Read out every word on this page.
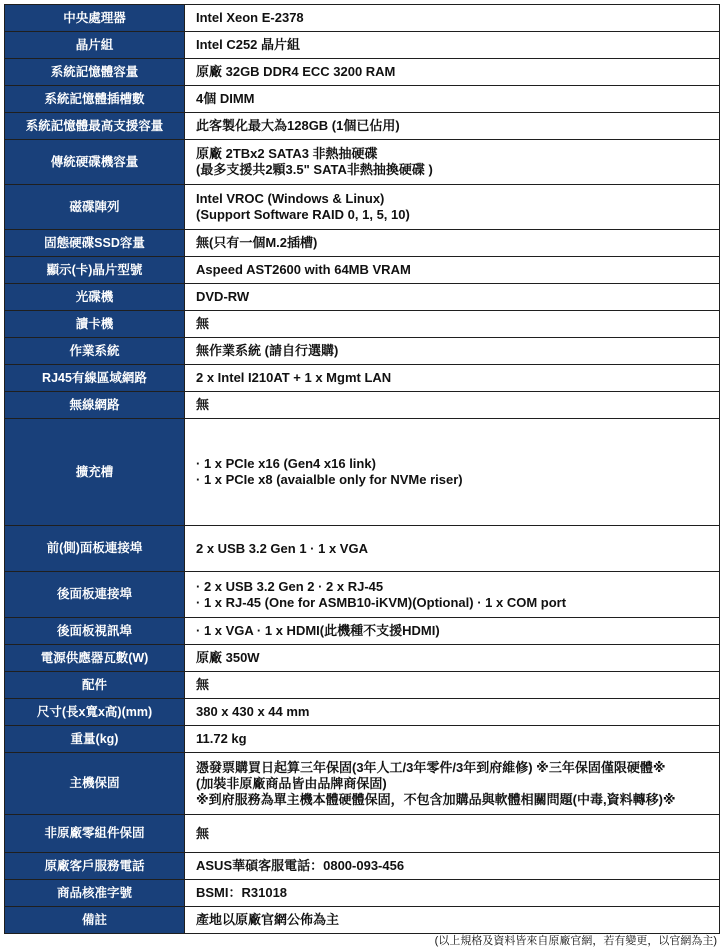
中央處理器	Intel Xeon E-2378

晶片組	Intel C252 晶片組

系統記憶體容量	原廠 32GB DDR4 ECC 3200 RAM

系統記憶體插槽數	4個 DIMM

系統記憶體最高支援容量	此客製化最大為128GB (1個已佔用)

傳統硬碟機容量	原廠 2TBx2 SATA3 非熱抽硬碟
(最多支援共2顆3.5" SATA非熱抽換硬碟 )

磁碟陣列	Intel VROC (Windows & Linux)
(Support Software RAID 0, 1, 5, 10)

固態硬碟SSD容量	無(只有一個M.2插槽)

顯示(卡)晶片型號	Aspeed AST2600 with 64MB VRAM

光碟機	DVD-RW

讀卡機	無

作業系統	無作業系統 (請自行選購)

RJ45有線區域網路	2 x Intel I210AT + 1 x Mgmt LAN

無線網路	無

擴充槽	· 1 x PCIe x16 (Gen4 x16 link)
· 1 x PCIe x8 (avaialble only for NVMe riser)

前(側)面板連接埠	2 x USB 3.2 Gen 1 · 1 x VGA

後面板連接埠	· 2 x USB 3.2 Gen 2 · 2 x RJ-45
· 1 x RJ-45 (One for ASMB10-iKVM)(Optional) · 1 x COM port

後面板視訊埠	· 1 x VGA · 1 x HDMI(此機種不支援HDMI)

電源供應器瓦數(W)	原廠 350W

配件	無

尺寸(長x寬x高)(mm)	380 x 430 x 44 mm

重量(kg)	11.72 kg

主機保固	憑發票購買日起算三年保固(3年人工/3年零件/3年到府維修) ※三年保固僅限硬體※
(加裝非原廠商品皆由品牌商保固)
※到府服務為單主機本體硬體保固，不包含加購品與軟體相關問題(中毒,資料轉移)※

非原廠零組件保固	無

原廠客戶服務電話	ASUS華碩客服電話：0800-093-456

商品核准字號	BSMI：R31018

備註	產地以原廠官網公佈為主
(以上規格及資料皆來自原廠官網，若有變更，以官網為主)
